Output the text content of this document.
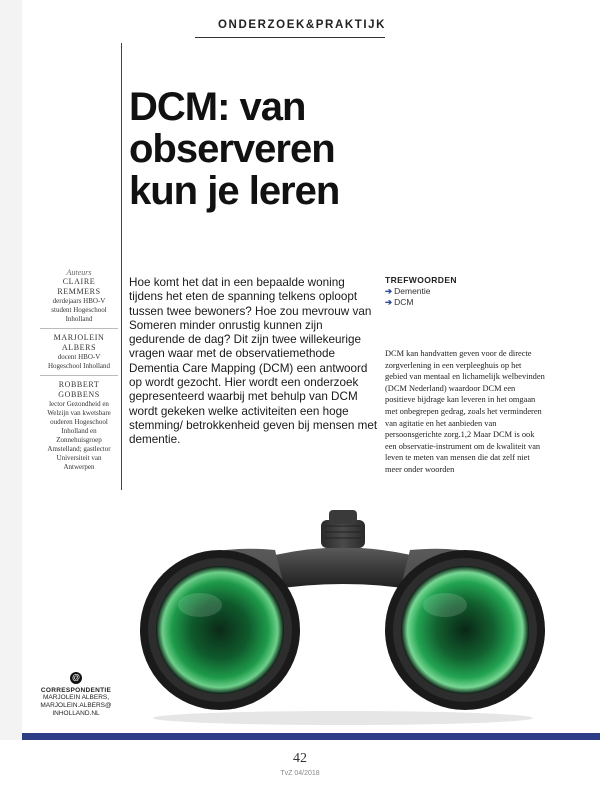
ONDERZOEK&PRAKTIJK
DCM: van
observeren
kun je leren
Auteurs
CLAIRE
REMMERS
derdejaars HBO-V
student Hogeschool
Inholland
MARJOLEIN
ALBERS
docent HBO-V
Hogeschool Inholland
ROBBERT
GOBBENS
lector Gezondheid en
Welzijn van kwetsbare
ouderen Hogeschool
Inholland en
Zonnehuisgroep
Amstelland; gastlector
Universiteit van
Antwerpen

Hoe komt het dat in een bepaalde woning tijdens het eten de spanning telkens oploopt tussen twee bewoners? Hoe zou mevrouw van Someren minder onrustig kunnen zijn gedurende de dag? Dit zijn twee willekeurige vragen waar met de observatiemethode Dementia Care Mapping (DCM) een antwoord op wordt gezocht. Hier wordt een onderzoek gepresenteerd waarbij met behulp van DCM wordt gekeken welke activiteiten een hoge stemming/ betrokkenheid geven bij mensen met dementie.

TREFWOORDEN
➔ Dementie
➔ DCM

DCM kan handvatten geven voor de directe zorgverlening in een verpleeghuis op het gebied van mentaal en lichamelijk welbevinden (DCM Nederland) waardoor DCM een positieve bijdrage kan leveren in het omgaan met onbegrepen gedrag, zoals het verminderen van agitatie en het aanbieden van persoonsgerichte zorg.1,2 Maar DCM is ook een observatie-instrument om de kwaliteit van leven te meten van mensen die dat zelf niet meer onder woorden

@
CORRESPONDENTIE
MARJOLEIN ALBERS,
MARJOLEIN.ALBERS@
INHOLLAND.NL
42
TvZ 04/2018
